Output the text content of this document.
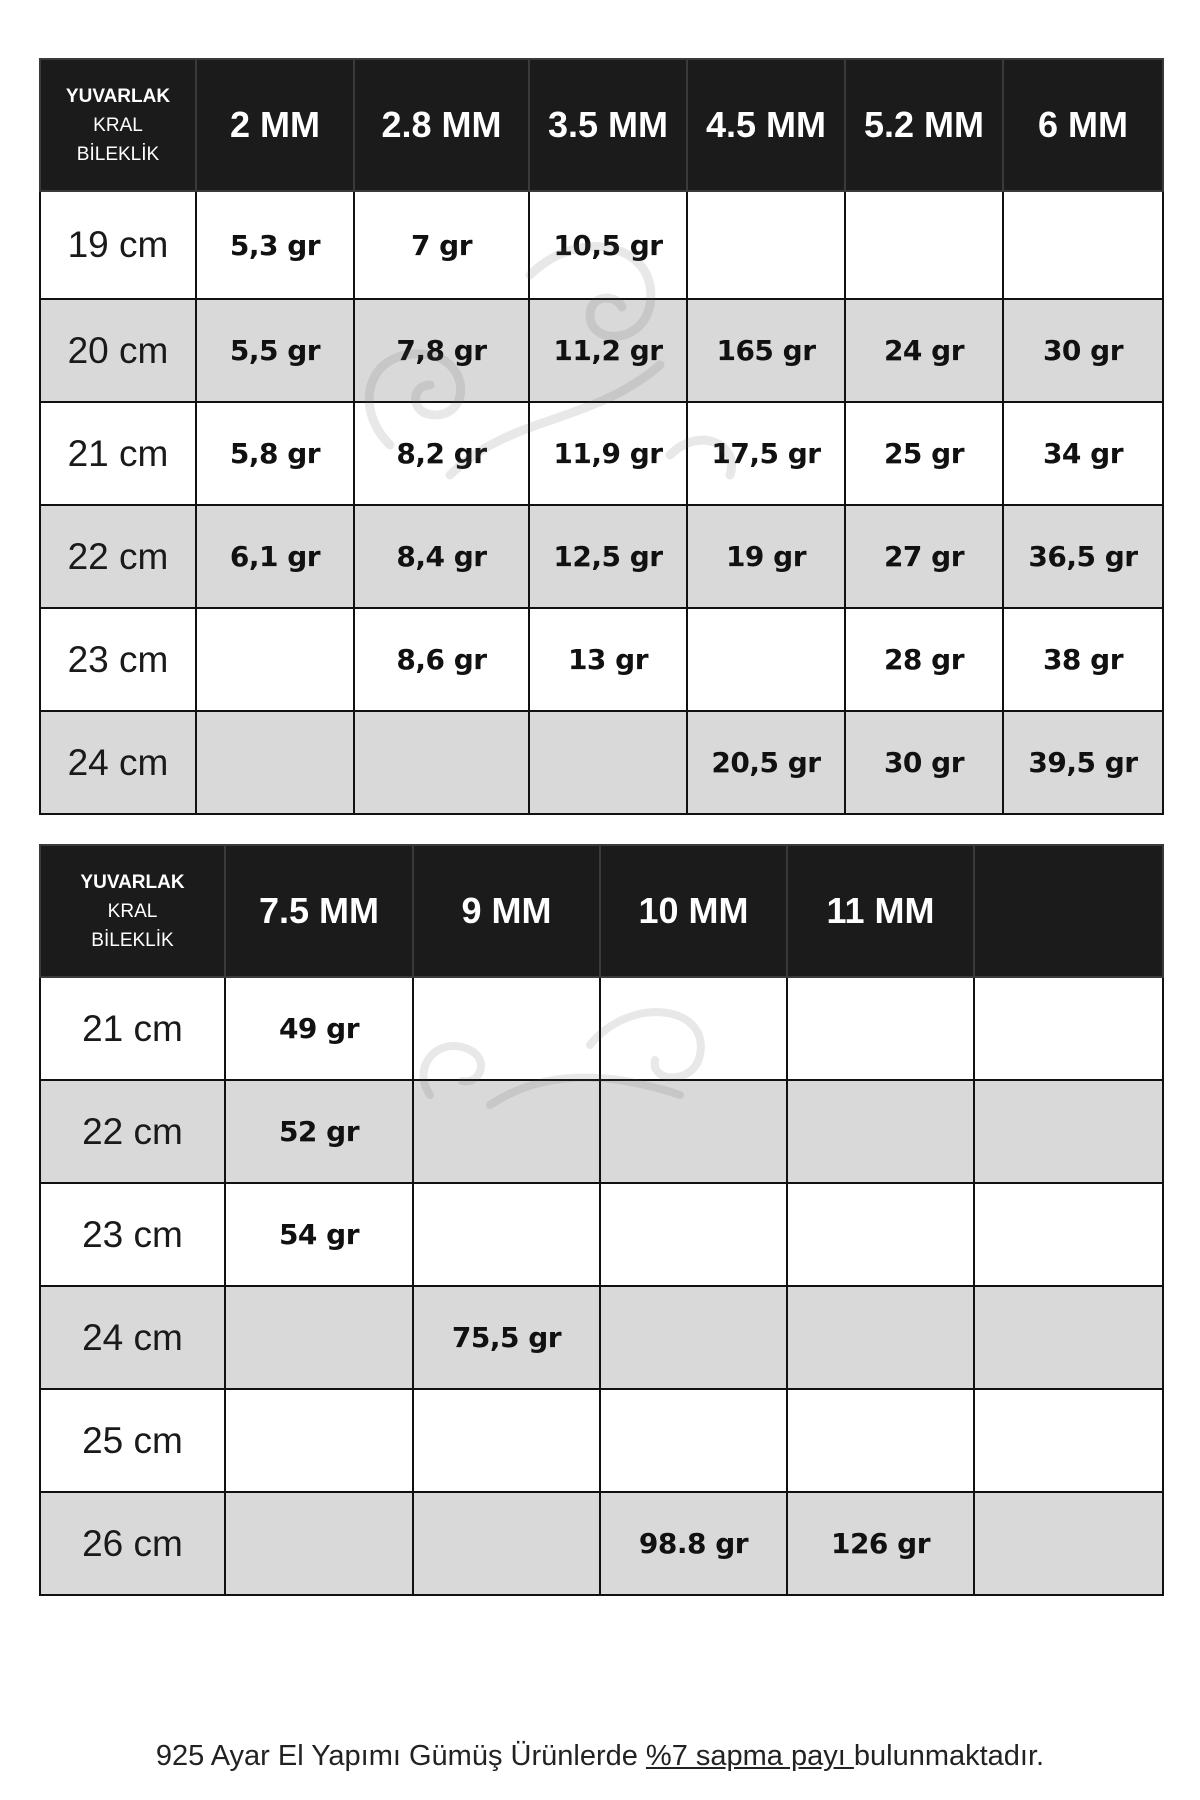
YUVARLAK
KRAL
BİLEKLİK	2 MM	2.8 MM	3.5 MM	4.5 MM	5.2 MM	6 MM
19 cm	5,3 gr	7 gr	10,5 gr			
20 cm	5,5 gr	7,8 gr	11,2 gr	165 gr	24 gr	30 gr
21 cm	5,8 gr	8,2 gr	11,9 gr	17,5 gr	25 gr	34 gr
22 cm	6,1 gr	8,4 gr	12,5 gr	19 gr	27 gr	36,5 gr
23 cm		8,6 gr	13 gr		28 gr	38 gr
24 cm				20,5 gr	30 gr	39,5 gr
YUVARLAK
KRAL
BİLEKLİK	7.5 MM	9 MM	10 MM	11 MM	
21 cm	49 gr				
22 cm	52 gr				
23 cm	54 gr				
24 cm		75,5 gr			
25 cm					
26 cm			98.8 gr	126 gr	
925 Ayar El Yapımı Gümüş Ürünlerde %7 sapma payı bulunmaktadır.
